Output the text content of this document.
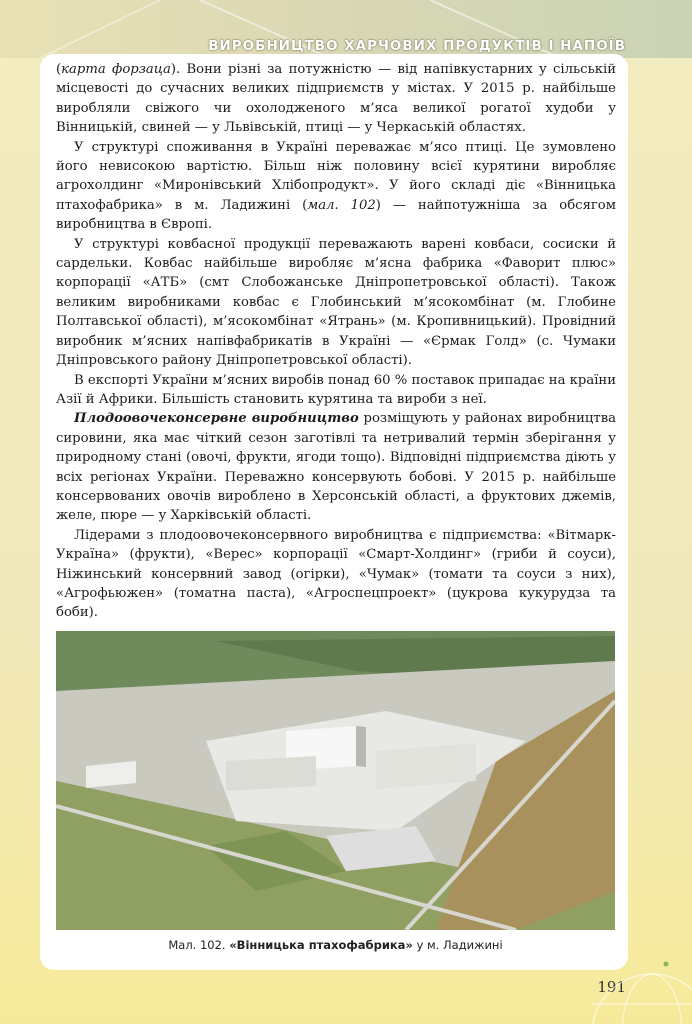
ВИРОБНИЦТВО ХАРЧОВИХ ПРОДУКТІВ І НАПОЇВ

(карта форзаца). Вони різні за потужністю — від напівкустарних у сільській місцевості до сучасних великих підприємств у містах. У 2015 р. найбільше виробляли свіжого чи охолодженого м’яса великої рогатої худоби у Вінницькій, свиней — у Львівській, птиці — у Черкаській областях.

У структурі споживання в Україні переважає м’ясо птиці. Це зумовлено його невисокою вартістю. Більш ніж половину всієї курятини виробляє агрохолдинг «Миронівський Хлібопродукт». У його складі діє «Вінницька птахофабрика» в м. Ладижині (мал. 102) — найпотужніша за обсягом виробництва в Європі.

У структурі ковбасної продукції переважають варені ковбаси, сосиски й сардельки. Ковбас найбільше виробляє м’ясна фабрика «Фаворит плюс» корпорації «АТБ» (смт Слобожанське Дніпропетровської області). Також великим виробниками ковбас є Глобинський м’ясокомбінат (м. Глобине Полтавської області), м’ясокомбінат «Ятрань» (м. Кропивницький). Провідний виробник м’ясних напівфабрикатів в Україні — «Єрмак Голд» (с. Чумаки Дніпровського району Дніпропетровської області).

В експорті України м’ясних виробів понад 60 % поставок припадає на країни Азії й Африки. Більшість становить курятина та вироби з неї.

Плодоовочеконсервне виробництво розміщують у районах виробництва сировини, яка має чіткий сезон заготівлі та нетривалий термін зберігання у природному стані (овочі, фрукти, ягоди тощо). Відповідні підприємства діють у всіх регіонах України. Переважно консервують бобові. У 2015 р. найбільше консервованих овочів вироблено в Херсонській області, а фруктових джемів, желе, пюре — у Харківській області.

Лідерами з плодоовочеконсервного виробництва є підприємства: «Вітмарк-Україна» (фрукти), «Верес» корпорації «Смарт-Холдинг» (гриби й соуси), Ніжинський консервний завод (огірки), «Чумак» (томати та соуси з них), «Агрофьюжен» (томатна паста), «Агроспецпроект» (цукрова кукурудза та боби).

Мал. 102. «Вінницька птахофабрика» у м. Ладижині
191
